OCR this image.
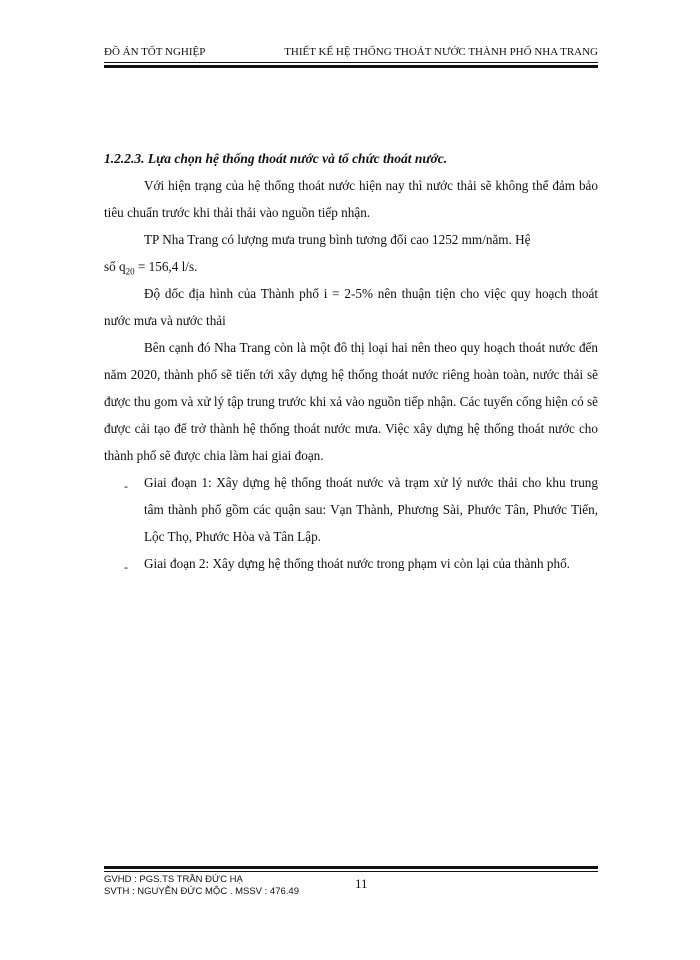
ĐỒ ÁN TỐT NGHIỆP	THIẾT KẾ HỆ THỐNG THOÁT NƯỚC THÀNH PHỐ NHA TRANG

1.2.2.3. Lựa chọn hệ thống thoát nước và tổ chức thoát nước.

Với hiện trạng của hệ thống thoát nước hiện nay thì nước thải sẽ không thể đảm bảo tiêu chuẩn trước khi thải thải vào nguồn tiếp nhận.

TP Nha Trang có lượng mưa trung bình tương đối cao 1252 mm/năm. Hệ

số $q_{20} = 156,4$ l/s.

Độ dốc địa hình của Thành phố i = 2-5% nên thuận tiện cho việc quy hoạch thoát nước mưa và nước thải

Bên cạnh đó Nha Trang còn là một đô thị loại hai nên theo quy hoạch thoát nước đến năm 2020, thành phố sẽ tiến tới xây dựng hệ thống thoát nước riêng hoàn toàn, nước thải sẽ được thu gom và xử lý tập trung trước khi xả vào nguồn tiếp nhận. Các tuyến cống hiện có sẽ được cải tạo để trở thành hệ thống thoát nước mưa. Việc xây dựng hệ thống thoát nước cho thành phố sẽ được chia làm hai giai đoạn.

- Giai đoạn 1: Xây dựng hệ thống thoát nước và trạm xử lý nước thải cho khu trung tâm thành phố gồm các quận sau: Vạn Thành, Phương Sài, Phước Tân, Phước Tiến, Lộc Thọ, Phước Hòa và Tân Lập.

- Giai đoạn 2: Xây dựng hệ thống thoát nước trong phạm vi còn lại của thành phố.

GVHD : PGS.TS TRẦN ĐỨC HẠ
SVTH : NGUYỄN ĐỨC MỘC . MSSV : 476.49
11
